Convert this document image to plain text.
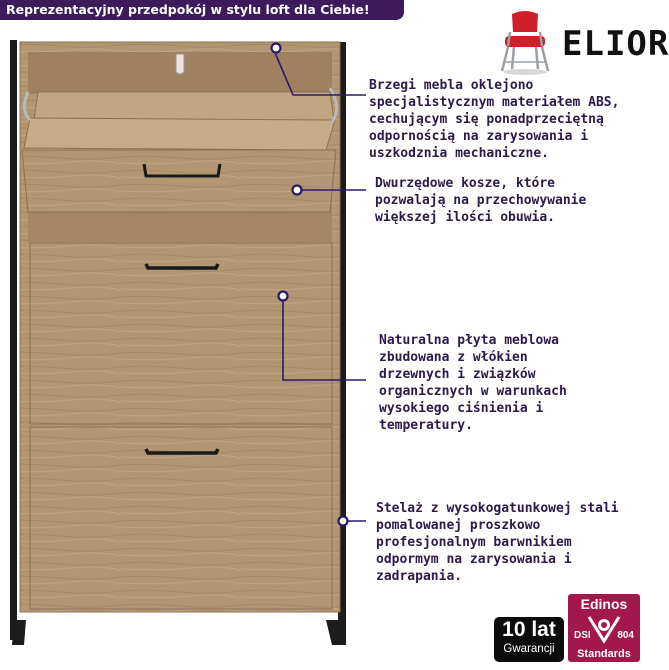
Reprezentacyjny przedpokój w stylu loft dla Ciebie!
ELIOR

Brzegi mebla oklejono
specjalistycznym materiałem ABS,
cechującym się ponadprzeciętną
odpornością na zarysowania i
uszkodznia mechaniczne.

Dwurzędowe kosze, które
pozwalają na przechowywanie
większej ilości obuwia.

Naturalna płyta meblowa
zbudowana z włókien
drzewnych i związków
organicznych w warunkach
wysokiego ciśnienia i
temperatury.

Stelaż z wysokogatunkowej stali
pomalowanej proszkowo
profesjonalnym barwnikiem
odpormym na zarysowania i
zadrapania.

10 lat
Gwarancji
Edinos
DSI	804
Standards
